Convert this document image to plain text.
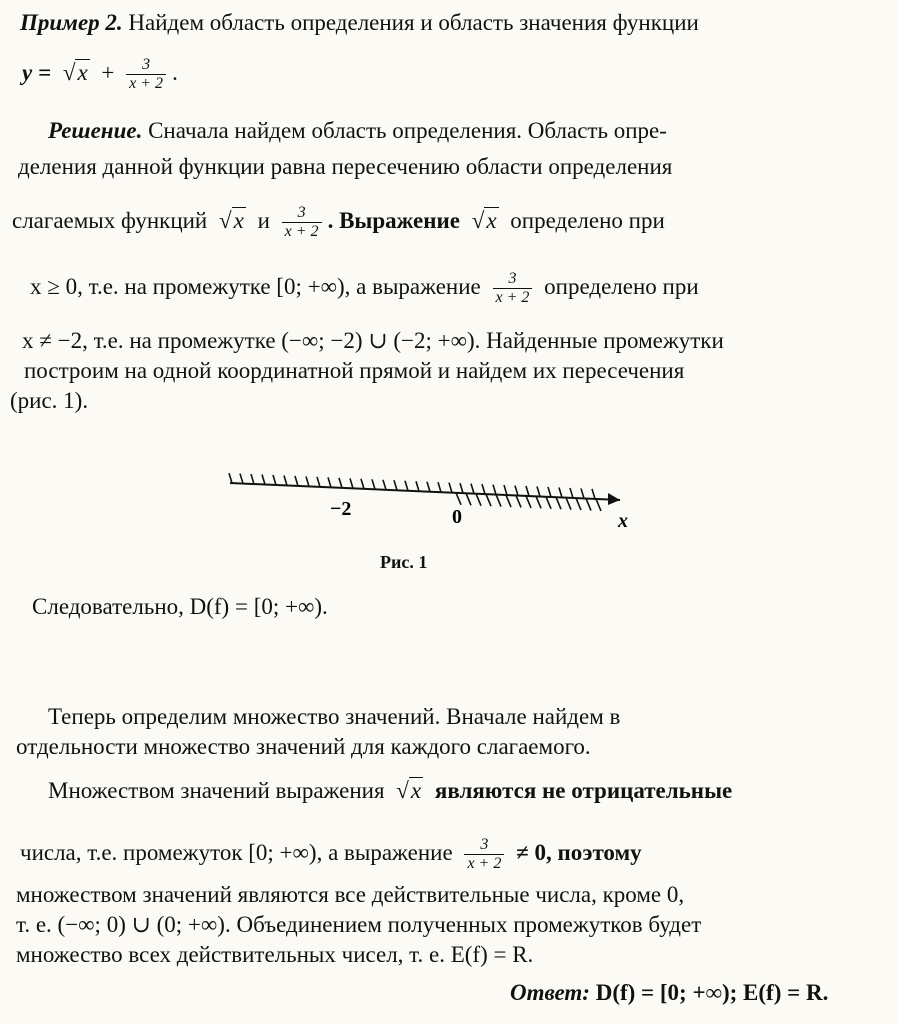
Пример 2. Найдем область определения и область значения функции
$y = √x + \frac{3}{x + 2}$ .
Решение. Сначала найдем область определения. Область опре-
деления данной функции равна пересечению области определения
слагаемых функций √x и $\frac{3}{x + 2}$ . Выражение √x определено при
x ≥ 0, т.е. на промежутке [0; +∞), а выражение $\frac{3}{x + 2}$ определено при
x ≠ −2, т.е. на промежутке (−∞; −2) ∪ (−2; +∞). Найденные промежутки
построим на одной координатной прямой и найдем их пересечения
(рис. 1).
−2	0	x
Рис. 1
Следовательно, D(f) = [0; +∞).
Теперь определим множество значений. Вначале найдем в
отдельности множество значений для каждого слагаемого.
Множеством значений выражения √x являются не отрицательные
числа, т.е. промежуток [0; +∞), а выражение $\frac{3}{x + 2} \ne 0$, поэтому
множеством значений являются все действительные числа, кроме 0,
т. е. (−∞; 0) ∪ (0; +∞). Объединением полученных промежутков будет
множество всех действительных чисел, т. е. E(f) = R.
Ответ: D(f) = [0; +∞); E(f) = R.
